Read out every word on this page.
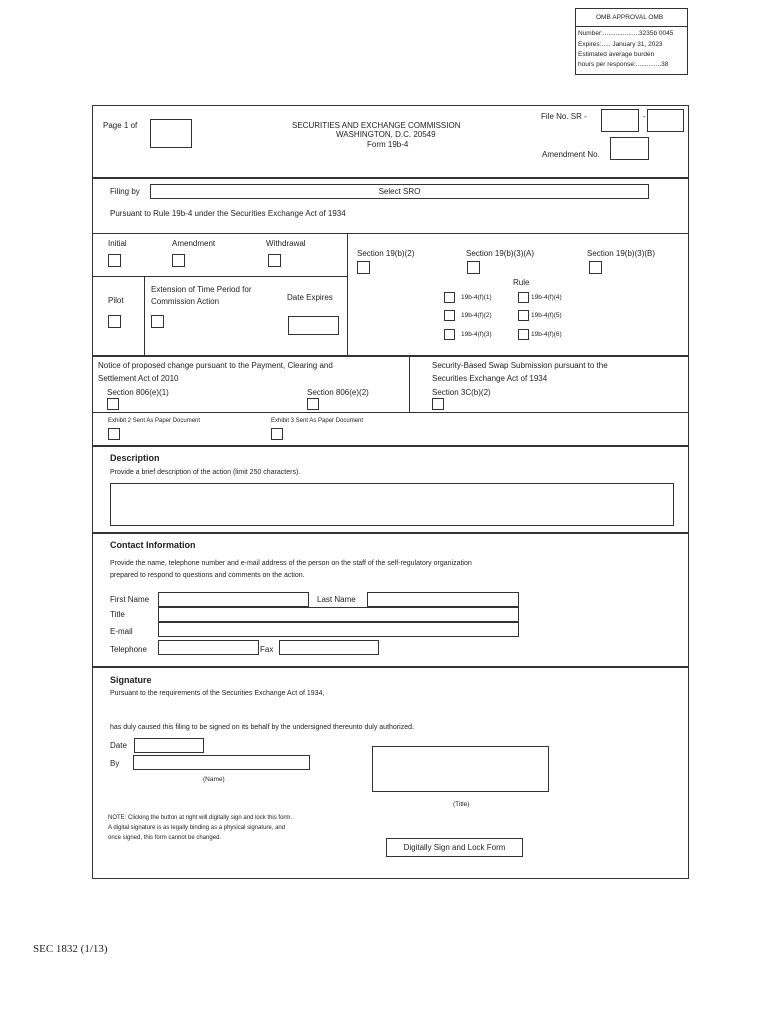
OMB APPROVAL OMB
Number:....................3235b 0045
Expires:..... January 31, 2023
Estimated average burden
hours per response:..............38
Page 1 of	SECURITIES AND EXCHANGE COMMISSION
WASHINGTON, D.C. 20549
Form 19b-4
File No. SR -	-
Amendment No.
Filing by	Select SRO
Pursuant to Rule 19b-4 under the Securities Exchange Act of 1934
Initial	Amendment	Withdrawal
Pilot
Extension of Time Period for
Commission Action	Date Expires
Section 19(b)(2)	Section 19(b)(3)(A)	Section 19(b)(3)(B)
Rule
19b-4(f)(1)
19b-4(f)(2)
19b-4(f)(3)
19b-4(f)(4)
19b-4(f)(5)
19b-4(f)(6)
Notice of proposed change pursuant to the Payment, Clearing and
Settlement Act of 2010
Section 806(e)(1)	Section 806(e)(2)
Security-Based Swap Submission pursuant to the
Securities Exchange Act of 1934
Section 3C(b)(2)
Exhibit 2 Sent As Paper Document	Exhibit 3 Sent As Paper Document
Description
Provide a brief description of the action (limit 250 characters).
Contact Information
Provide the name, telephone number and e-mail address of the person on the staff of the self-regulatory organization
prepared to respond to questions and comments on the action.
First Name	Last Name
Title
E-mail
Telephone	Fax
Signature
Pursuant to the requirements of the Securities Exchange Act of 1934,
has duly caused this filing to be signed on its behalf by the undersigned thereunto duly authorized.
Date
By
(Name)
(Title)
NOTE: Clicking the button at right will digitally sign and lock this form.
A digital signature is as legally binding as a physical signature, and
once signed, this form cannot be changed.
Digitally Sign and Lock Form
SEC 1832 (1/13)
